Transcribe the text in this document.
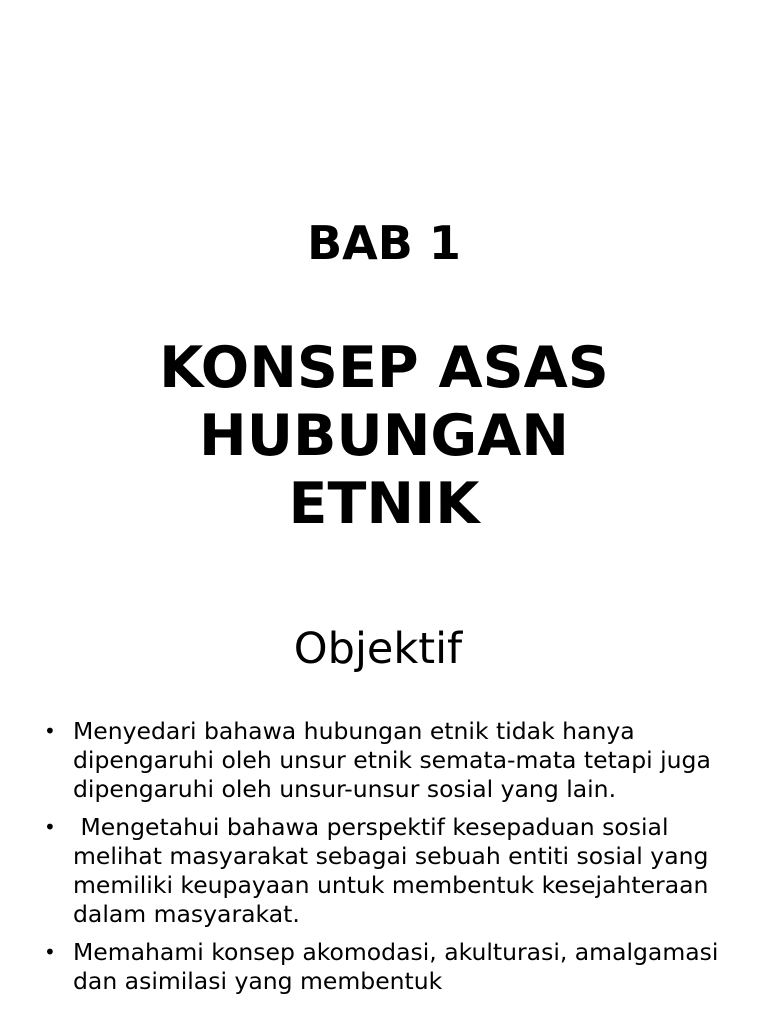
BAB 1
KONSEP ASAS
HUBUNGAN
ETNIK
Objektif
• Menyedari bahawa hubungan etnik tidak hanya dipengaruhi oleh unsur etnik semata-mata tetapi juga dipengaruhi oleh unsur-unsur sosial yang lain.
• Mengetahui bahawa perspektif kesepaduan sosial melihat masyarakat sebagai sebuah entiti sosial yang memiliki keupayaan untuk membentuk kesejahteraan dalam masyarakat.
• Memahami konsep akomodasi, akulturasi, amalgamasi dan asimilasi yang membentuk
